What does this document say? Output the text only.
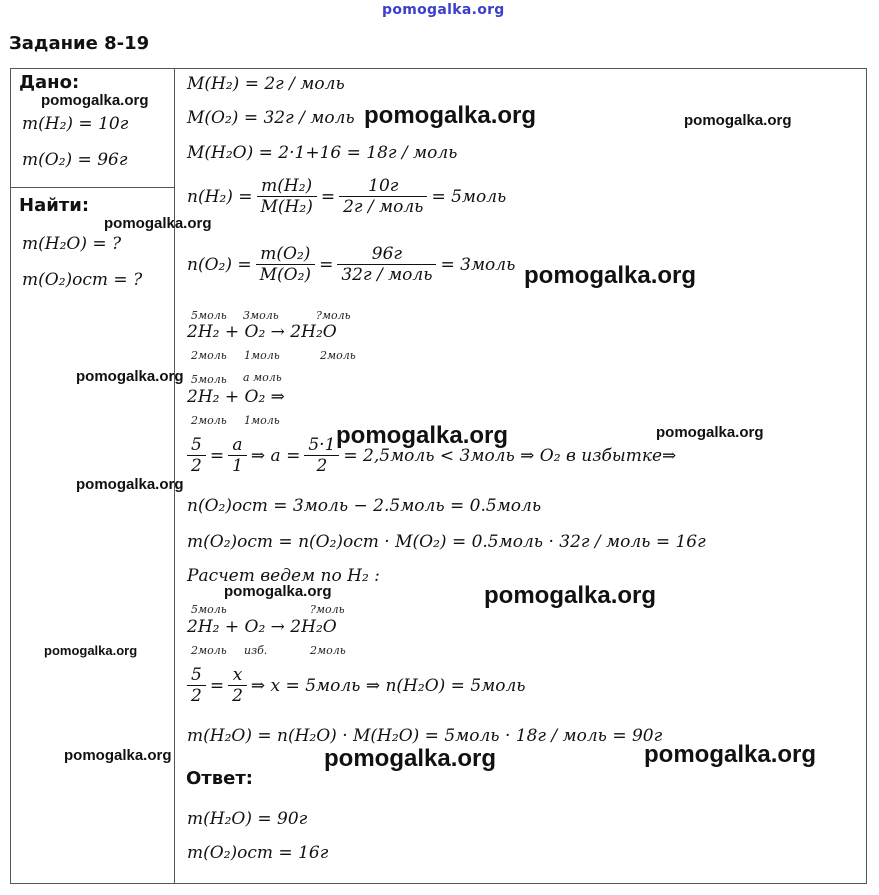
pomogalka.org
Задание 8-19
Дано:
m(H₂) = 10г
m(O₂) = 96г
Найти:
m(H₂O) = ?
m(O₂)ост = ?
M(H₂) = 2г / моль
M(O₂) = 32г / моль
M(H₂O) = 2·1+16 = 18г / моль
$n(H_2) = \frac{\text{m(H₂)}}{\text{M(H₂)}} = \frac{10г}{\text{2г / моль}}$ = 5моль
$n(O_2) = \frac{\text{m(O₂)}}{\text{M(O₂)}} = \frac{96г}{\text{32г / моль}}$ = 3моль
5моль 3моль	?моль
2H₂ + O₂ → 2H₂O
2моль 1моль	2моль
5моль a моль
2H₂ + O₂ ⇒
2моль 1моль
$\frac{5}{2} = \frac{a}{1}$ ⇒ $a = \frac{5\cdot 1}{2}$ = 2,5моль < 3моль ⇒ O₂ в избытке⇒
n(O₂)ост = 3моль − 2.5моль = 0.5моль
m(O₂)ост = n(O₂)ост · M(O₂) = 0.5моль · 32г / моль = 16г
Расчет ведем по H₂ :
5моль	?моль
2H₂ + O₂ → 2H₂O
2моль изб.	2моль
$\frac{5}{2} = \frac{x}{2}$ ⇒ x = 5моль ⇒ n(H₂O) = 5моль
m(H₂O) = n(H₂O) · M(H₂O) = 5моль · 18г / моль = 90г
Ответ:
m(H₂O) = 90г
m(O₂)ост = 16г
pomogalka.org
pomogalka.org	pomogalka.org
pomogalka.org
pomogalka.org
pomogalka.org
pomogalka.org	pomogalka.org
pomogalka.org
pomogalka.org	pomogalka.org
pomogalka.org
pomogalka.org	pomogalka.org	pomogalka.org
